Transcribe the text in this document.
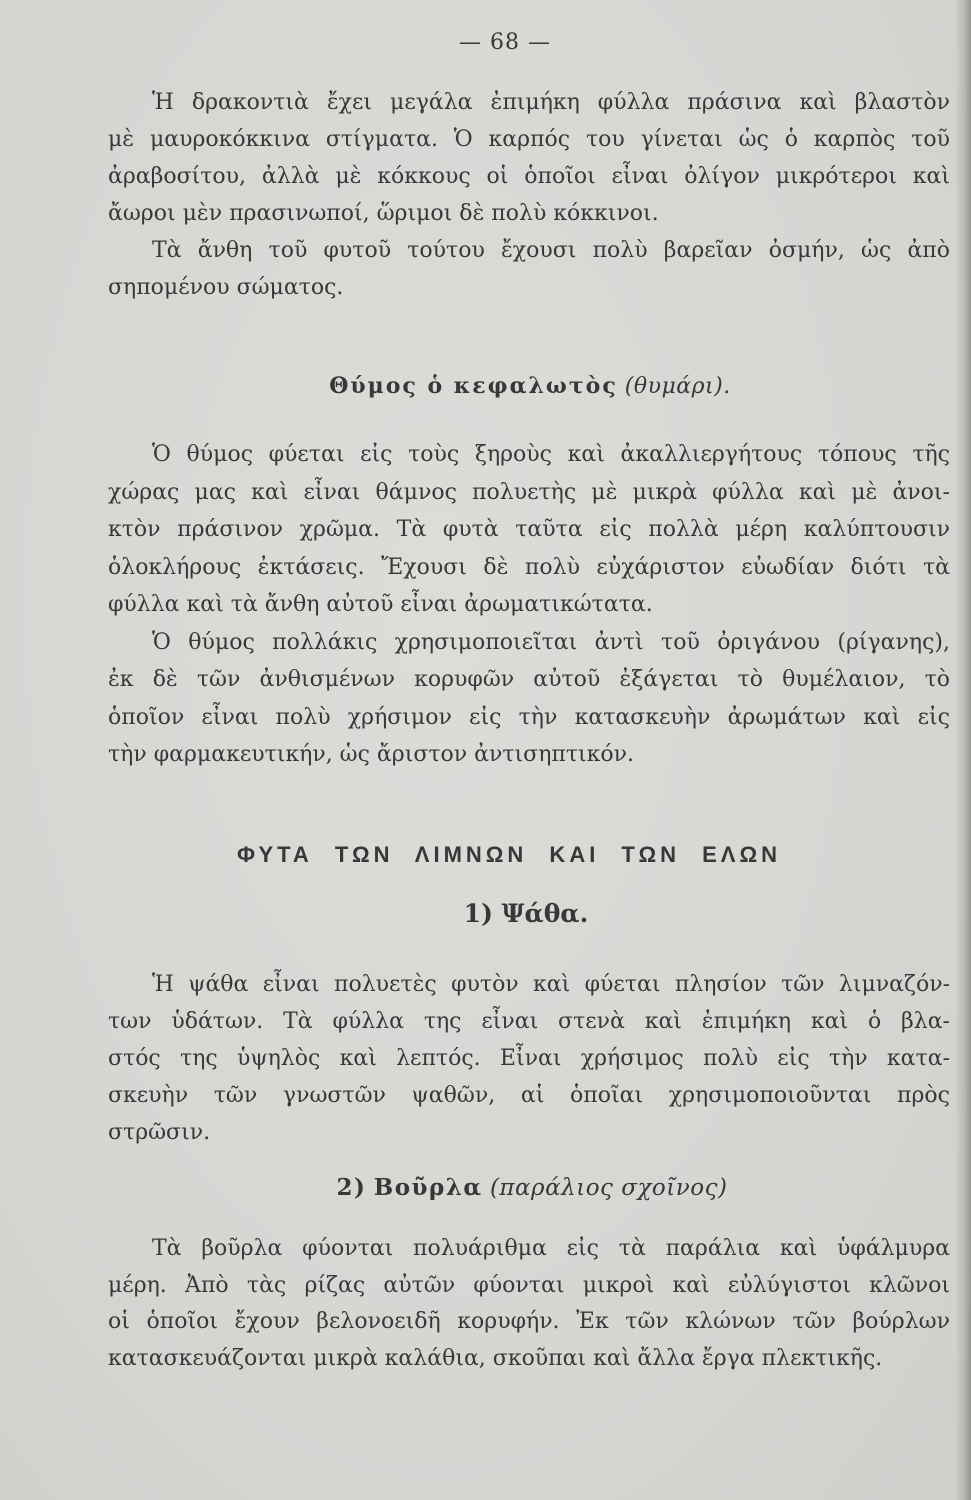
— 68 —
Ἡ δρακοντιὰ ἔχει μεγάλα ἐπιμήκη φύλλα πράσινα καὶ βλαστὸν
μὲ μαυροκόκκινα στίγματα. Ὁ καρπός του γίνεται ὡς ὁ καρπὸς τοῦ
ἀραβοσίτου, ἀλλὰ μὲ κόκκους οἱ ὁποῖοι εἶναι ὀλίγον μικρότεροι καὶ
ἄωροι μὲν πρασινωποί, ὥριμοι δὲ πολὺ κόκκινοι.
Τὰ ἄνθη τοῦ φυτοῦ τούτου ἔχουσι πολὺ βαρεῖαν ὀσμήν, ὡς ἀπὸ
σηπομένου σώματος.
Θύμος ὁ κεφαλωτὸς (θυμάρι).
Ὁ θύμος φύεται εἰς τοὺς ξηροὺς καὶ ἀκαλλιεργήτους τόπους τῆς
χώρας μας καὶ εἶναι θάμνος πολυετὴς μὲ μικρὰ φύλλα καὶ μὲ ἀνοι-
κτὸν πράσινον χρῶμα. Τὰ φυτὰ ταῦτα εἰς πολλὰ μέρη καλύπτουσιν
ὁλοκλήρους ἐκτάσεις. Ἔχουσι δὲ πολὺ εὐχάριστον εὐωδίαν διότι τὰ
φύλλα καὶ τὰ ἄνθη αὐτοῦ εἶναι ἀρωματικώτατα.
Ὁ θύμος πολλάκις χρησιμοποιεῖται ἀντὶ τοῦ ὀριγάνου (ρίγανης),
ἐκ δὲ τῶν ἀνθισμένων κορυφῶν αὐτοῦ ἐξάγεται τὸ θυμέλαιον, τὸ
ὁποῖον εἶναι πολὺ χρήσιμον εἰς τὴν κατασκευὴν ἀρωμάτων καὶ εἰς
τὴν φαρμακευτικήν, ὡς ἄριστον ἀντισηπτικόν.
ΦΥΤΑ ΤΩΝ ΛΙΜΝΩΝ ΚΑΙ ΤΩΝ ΕΛΩΝ
1) Ψάθα.
Ἡ ψάθα εἶναι πολυετὲς φυτὸν καὶ φύεται πλησίον τῶν λιμναζόν-
των ὑδάτων. Τὰ φύλλα της εἶναι στενὰ καὶ ἐπιμήκη καὶ ὁ βλα-
στός της ὑψηλὸς καὶ λεπτός. Εἶναι χρήσιμος πολὺ εἰς τὴν κατα-
σκευὴν τῶν γνωστῶν ψαθῶν, αἱ ὁποῖαι χρησιμοποιοῦνται πρὸς
στρῶσιν.
2) Βοῦρλα (παράλιος σχοῖνος)
Τὰ βοῦρλα φύονται πολυάριθμα εἰς τὰ παράλια καὶ ὑφάλμυρα
μέρη. Ἀπὸ τὰς ρίζας αὐτῶν φύονται μικροὶ καὶ εὐλύγιστοι κλῶνοι
οἱ ὁποῖοι ἔχουν βελονοειδῆ κορυφήν. Ἐκ τῶν κλώνων τῶν βούρλων
κατασκευάζονται μικρὰ καλάθια, σκοῦπαι καὶ ἄλλα ἔργα πλεκτικῆς.
